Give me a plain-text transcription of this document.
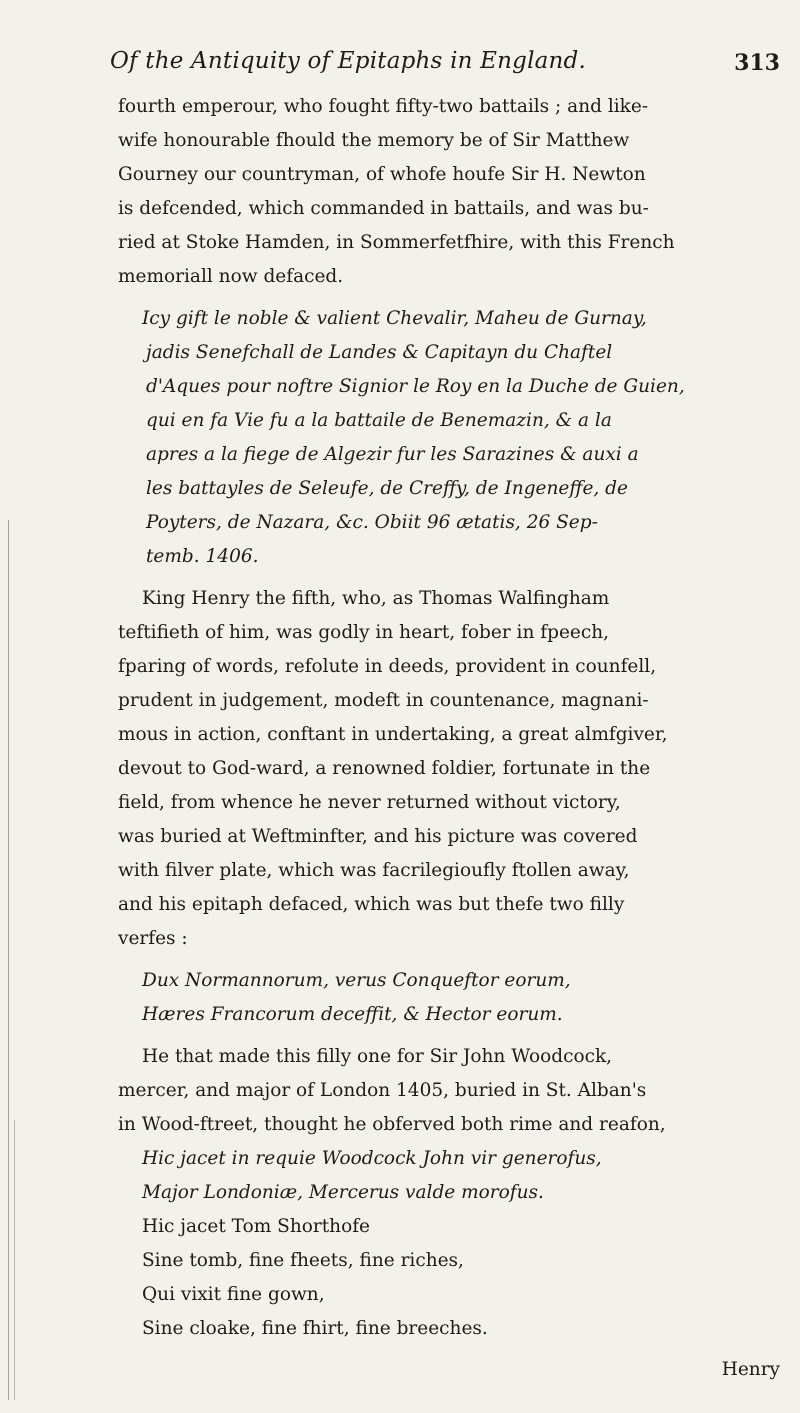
Of the Antiquity of Epitaphs in England.	313
fourth emperour, who fought fifty-two battails ; and like-
wife honourable fhould the memory be of Sir Matthew
Gourney our countryman, of whofe houfe Sir H. Newton
is defcended, which commanded in battails, and was bu-
ried at Stoke Hamden, in Sommerfetfhire, with this French
memoriall now defaced.
Icy gift le noble & valient Chevalir, Maheu de Gurnay,
jadis Senefchall de Landes & Capitayn du Chaftel
d'Aques pour noftre Signior le Roy en la Duche de Guien,
qui en fa Vie fu a la battaile de Benemazin, & a la
apres a la fiege de Algezir fur les Sarazines & auxi a
les battayles de Seleufe, de Creffy, de Ingeneffe, de
Poyters, de Nazara, &c. Obiit 96 ætatis, 26 Sep-
temb. 1406.
King Henry the fifth, who, as Thomas Walfingham
teftifieth of him, was godly in heart, fober in fpeech,
fparing of words, refolute in deeds, provident in counfell,
prudent in judgement, modeft in countenance, magnani-
mous in action, conftant in undertaking, a great almfgiver,
devout to God-ward, a renowned foldier, fortunate in the
field, from whence he never returned without victory,
was buried at Weftminfter, and his picture was covered
with filver plate, which was facrilegioufly ftollen away,
and his epitaph defaced, which was but thefe two filly
verfes :
Dux Normannorum, verus Conqueftor eorum,
Hæres Francorum deceffit, & Hector eorum.
He that made this filly one for Sir John Woodcock,
mercer, and major of London 1405, buried in St. Alban's
in Wood-ftreet, thought he obferved both rime and reafon,
Hic jacet in requie Woodcock John vir generofus,
Major Londoniæ, Mercerus valde morofus.
Hic jacet Tom Shorthofe
Sine tomb, fine fheets, fine riches,
Qui vixit fine gown,
Sine cloake, fine fhirt, fine breeches.
Henry
